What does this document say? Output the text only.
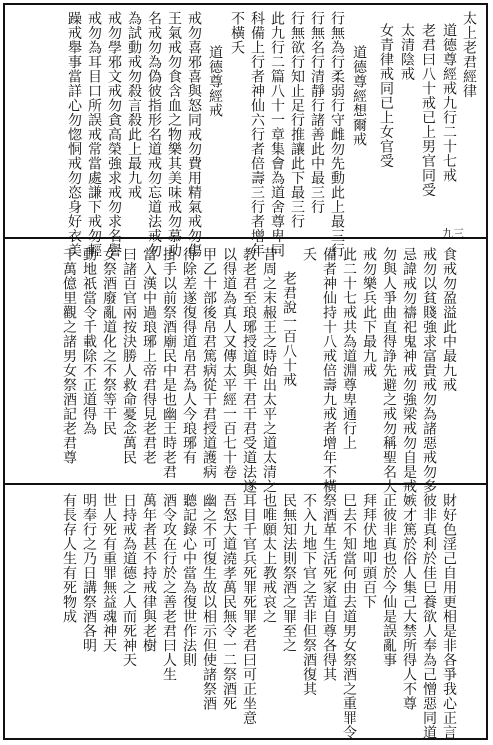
太上老君經律
道德尊經戒九行二十七戒
老君曰八十戒已上男官同受
太清陰戒
女青律戒同已上女官受
道德尊經想爾戒
行無為行柔弱行守雌勿先動此上最三行
行無名行清靜行諸善此中最三行
行無欲行知止足行推讓此下最三行
此九行二篇八十一章集會為道舍尊卑同
科備上行者神仙六行者倍壽三行者增年
不橫夭
道德尊經戒
戒勿喜邪喜與怒同戒勿費用精氣戒勿傷
王氣戒勿食含血之物樂其美味戒勿慕功
名戒勿為偽彼指形名道戒勿忘道法戒勿
為試動戒勿殺言殺此上最九戒
戒勿學邪文戒勿貪高榮強求戒勿求名譽
戒勿為耳目口所誤戒常當處謙下戒勿輕
躁戒舉事當詳心勿惚恫戒勿恣身好衣美	九三
食戒勿盈溢此中最九戒
戒勿以貧賤強求富貴戒勿為諸惡戒勿多
忌諱戒勿禱祀鬼神戒勿強梁戒勿自是戒
勿與人爭曲直得諍先避之戒勿稱聖名大
戒勿樂兵此下最九戒
此二十七戒共為道淵尊卑通行上
備者神仙持十八戒倍壽九戒者增年不橫
夭
老君說一百八十戒
昔周之末赧王之時始出太平之道太清之
教老君至琅琊授道與干君干君受道法遂
以得道為真人又傳太平經一百七十卷
甲乙十部後帛君篤病從干君授道護病
得除差遂復得道帛君為人今琅琊有
掛手以前祭酒廟民中是也幽王時老君
當入漢中過琅琊上帝君得見老君老
曰諸百官兩按決勝人救命憂念萬民
女祭酒廢亂道化之不祭等干民
動地祇當令千載除不正道得為
千萬億里觀之諸男女祭酒記老君尊
財好色淫己自用更相是非各爭我心正言
彼非真利於佳巳養欲人奉為己憎惡同道
嫉才篤於俗人集己大禁所得人不尊
正彼非真也於今仙是誤亂事
拜拜伏地叩頭百下
巳去不知當何由去道男女祭酒之重罪令
祭酒革生活死家道自尊各得其
不入九地下官之苦非但祭酒復其
民無知法則祭酒之罪至之
也唯願太上教戒哀之
耳目千官兵死罪死罪老君曰可正坐意
吾怒大道澆孝萬民無令一二祭酒死
幽之不可復生故以相示但使諸祭酒
聽記錄心中當為復世作法則
酒令攻在行於之善老君曰人生
萬年者甚不持戒律與老樹
日持戒為道德之人而死神天
世人死有重罪無益魂神天
明奉行之乃日講祭酒各明
有長存人生有死物成
